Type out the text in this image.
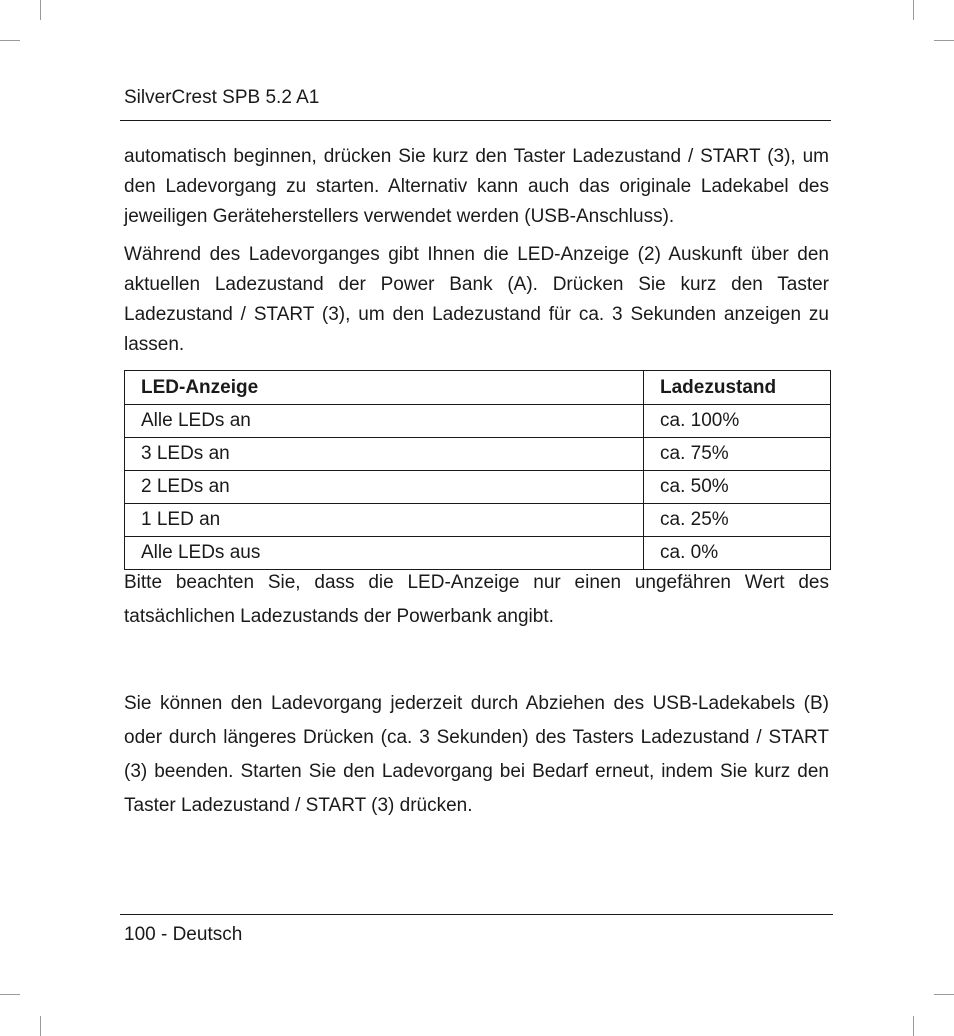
SilverCrest SPB 5.2 A1

automatisch beginnen, drücken Sie kurz den Taster Ladezustand / START (3), um den Ladevorgang zu starten. Alternativ kann auch das originale Ladekabel des jeweiligen Geräteherstellers verwendet werden (USB-Anschluss).

Während des Ladevorganges gibt Ihnen die LED-Anzeige (2) Auskunft über den aktuellen Ladezustand der Power Bank (A). Drücken Sie kurz den Taster Ladezustand / START (3), um den Ladezustand für ca. 3 Sekunden anzeigen zu lassen.

LED-Anzeige	Ladezustand
Alle LEDs an	ca. 100%
3 LEDs an	ca. 75%
2 LEDs an	ca. 50%
1 LED an	ca. 25%
Alle LEDs aus	ca. 0%

Bitte beachten Sie, dass die LED-Anzeige nur einen ungefähren Wert des tatsächlichen Ladezustands der Powerbank angibt.

Sie können den Ladevorgang jederzeit durch Abziehen des USB-Ladekabels (B) oder durch längeres Drücken (ca. 3 Sekunden) des Tasters Ladezustand / START (3) beenden. Starten Sie den Ladevorgang bei Bedarf erneut, indem Sie kurz den Taster Ladezustand / START (3) drücken.

100 - Deutsch
